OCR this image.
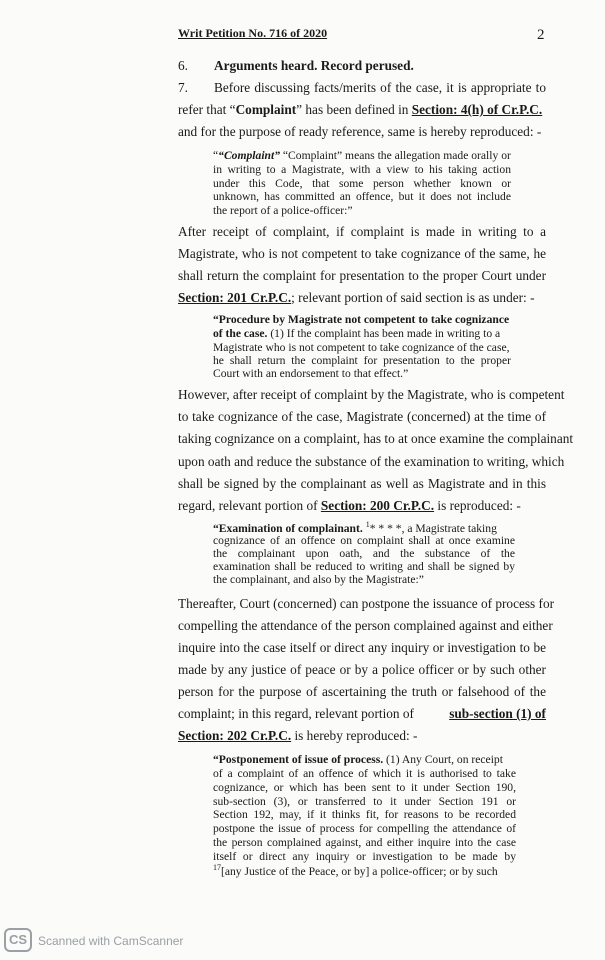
Writ Petition No. 716 of 2020	2
6. Arguments heard. Record perused.
7. Before discussing facts/merits of the case, it is appropriate to
refer that “Complaint” has been defined in Section: 4(h) of Cr.P.C.
and for the purpose of ready reference, same is hereby reproduced: -
““Complaint” “Complaint” means the allegation made orally or
in writing to a Magistrate, with a view to his taking action
under this Code, that some person whether known or
unknown, has committed an offence, but it does not include
the report of a police-officer:”
After receipt of complaint, if complaint is made in writing to a
Magistrate, who is not competent to take cognizance of the same, he
shall return the complaint for presentation to the proper Court under
Section: 201 Cr.P.C.; relevant portion of said section is as under: -
“Procedure by Magistrate not competent to take cognizance
of the case. (1) If the complaint has been made in writing to a
Magistrate who is not competent to take cognizance of the case,
he shall return the complaint for presentation to the proper
Court with an endorsement to that effect.”
However, after receipt of complaint by the Magistrate, who is competent
to take cognizance of the case, Magistrate (concerned) at the time of
taking cognizance on a complaint, has to at once examine the complainant
upon oath and reduce the substance of the examination to writing, which
shall be signed by the complainant as well as Magistrate and in this
regard, relevant portion of Section: 200 Cr.P.C. is reproduced: -
“Examination of complainant. $^1$* * * *, a Magistrate taking
cognizance of an offence on complaint shall at once examine
the complainant upon oath, and the substance of the
examination shall be reduced to writing and shall be signed by
the complainant, and also by the Magistrate:”
Thereafter, Court (concerned) can postpone the issuance of process for
compelling the attendance of the person complained against and either
inquire into the case itself or direct any inquiry or investigation to be
made by any justice of peace or by a police officer or by such other
person for the purpose of ascertaining the truth or falsehood of the
complaint; in this regard, relevant portion of	sub-section (1) of
Section: 202 Cr.P.C. is hereby reproduced: -
“Postponement of issue of process. (1) Any Court, on receipt
of a complaint of an offence of which it is authorised to take
cognizance, or which has been sent to it under Section 190,
sub-section (3), or transferred to it under Section 191 or
Section 192, may, if it thinks fit, for reasons to be recorded
postpone the issue of process for compelling the attendance of
the person complained against, and either inquire into the case
itself or direct any inquiry or investigation to be made by
$^{17}$[any Justice of the Peace, or by] a police-officer; or by such
CS Scanned with CamScanner
